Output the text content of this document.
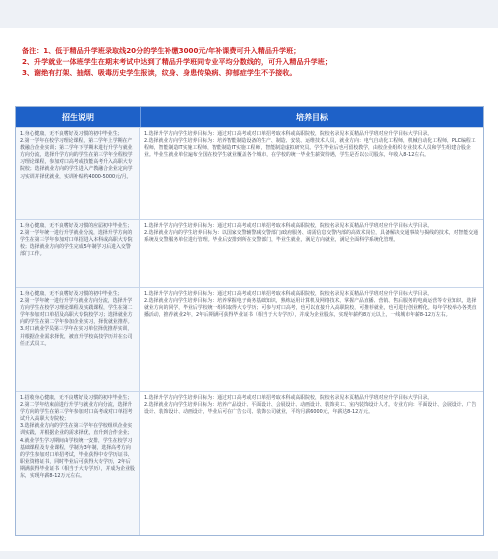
备注：1、低于精品升学班录取线20分的学生补缴3000元/年补课费可升入精品升学班；
2、升学就业一体班学生在期末考试中达到了精品升学班同专业平均分数线的，可升入精品升学班；
3、谢绝有打架、抽烟、吸毒历史学生报读，纹身、身患传染病、抑郁症学生不予接收。
招生说明	培养目标

1.身心健康，无不良嗜好及习惯的初中毕业生；

2.第一学年在校学习理论课程，第二学年上学期在产教融合企业实训；第二学年下学期未进行升学与就业方向分流，选择升学方向的学生在第三学年全程校学习理论课程，参加对口高考或技能高考升入高职大专院校；选择就业方向的学生进入产教融合企业定向学习实训并择优就业，实训补贴约4000-5000元/月。

1.选择升学方向学生培养目标为：通过对口高考或对口单招考取本科或高职院校，院校名录见本页精品升学班对应升学目标大学目录。

2.选择就业方向学生培养目标为：培养智能制造设备的生产、制造、安装、运维技术人员，就业方向：电气自动化工程师，机械自动化工程师，PLC编程工程师，智能制造IT实施工程师，智能制造IT实施工程师，智能制造虚拟研究员。学生毕业后也可留校教学，由校企业组织专业技术人员和学生组建合股企业。毕业生就业单位遍布全国在校学生就业覆盖各个城市，在学校的统一毕业生薪资待遇，学生是否以公司股东，年收入8-12左右。

1.身心健康，无不良嗜好及习惯的应届初中毕业生；

2.第一学年统一进行升学就业分流，选择升学方向的学生在第三学年参加对口单招进入本科或高职大专院校；选择就业方向的学生完成5年制学习后进入交警部门工作。

1.选择升学方向学生培养目标为：通过对口高考或对口单招考取本科或高职院校，院校名录见本页精品升学班对应升学目标大学目录。

2.选择就业方向的学生培养目标为：以国家交警辅警减交警部门/政府服务、请需信息交警内部的高效术岗位，具备解决交通事故与揭线的技术，对智能交通系统及交警服务单位进行管理。毕业后安排到所在交警部门，毕业生就业，满足方向就业，满足全面科学系统化管理。

1.身心健康，无不良嗜好及习惯的初中毕业生；

2.第一学年统一进行升学与就业方向分流，选择升学方向学生在校学习理论课程及实践课程，学生在第二学年参加对口单招及高职大专院校学习；选择就业方向的学生在第二学年参加企业实习，择优就业推荐。

3.对口就业学员第三学年在实习单位择优推荐实训，并根据企业需求择优，被直升学校高技学历并在公司任正式员工。

1.选择升学方向学生培养目标为：通过对口高考或对口单招考取本科或高职院校，院校名录见本页精品升学班对应升学目标大学目录。

2.选择就业方向学生培养目标为：培养掌握电子商务基础知识，熟练运用计算机及网络技术，掌握产品直播、营销、售后服务的电商运营等专业知识，选择就业方向的同学，毕业后学校统一组织取得大专学历；可参与对口高考，也可以直接升入高职院校，可推荐就业，也可进行创业孵化。每年学校举办各类直播活动，推荐就业2年，2年后期满可获得毕业证书（相当于大专学历），并成为企业股东，实现年薪约8万元以上，一线城市年薪8-12万左右。

1.招收身心健康，无不良嗜好及习惯的初中毕业生；

2.第二学年结束前进行升学与就业方向分流，选择升学方向的学生在第三学年参加对口高考或对口单招考试升入高职大专院校；

3.选择就业方向的学生在第三学年在学校组织企业实训实践，并根据企业的需求择优，直升到合作企业；

4.就业学生学习期间由学校统一安排，学生在校学习基础课程及专业课程，学制为3年制，选择高考方向的学生参加对口单招考试，毕业获得中专学历证书、职业资格证书，同时毕业后可获得大专学历，2年后期满获得毕业证书（相当于大专学历），并成为企业股东，实现年薪8-12万元左右。

1.选择升学方向学生培养目标为：通过对口高考或对口单招考取本科或高职院校，院校名录见本页精品升学班对应升学目标大学目录。

2.选择就业方向学生培养目标为：培养产品设计、平面设计、会展设计、动画设计、装饰美工、室内装饰设计人才。专业方向：平面设计、会展设计、广告设计、装饰设计、动画设计，毕业后可在广告公司、装饰公司就业，平均月薪6000元，年薪达8-12万元。
